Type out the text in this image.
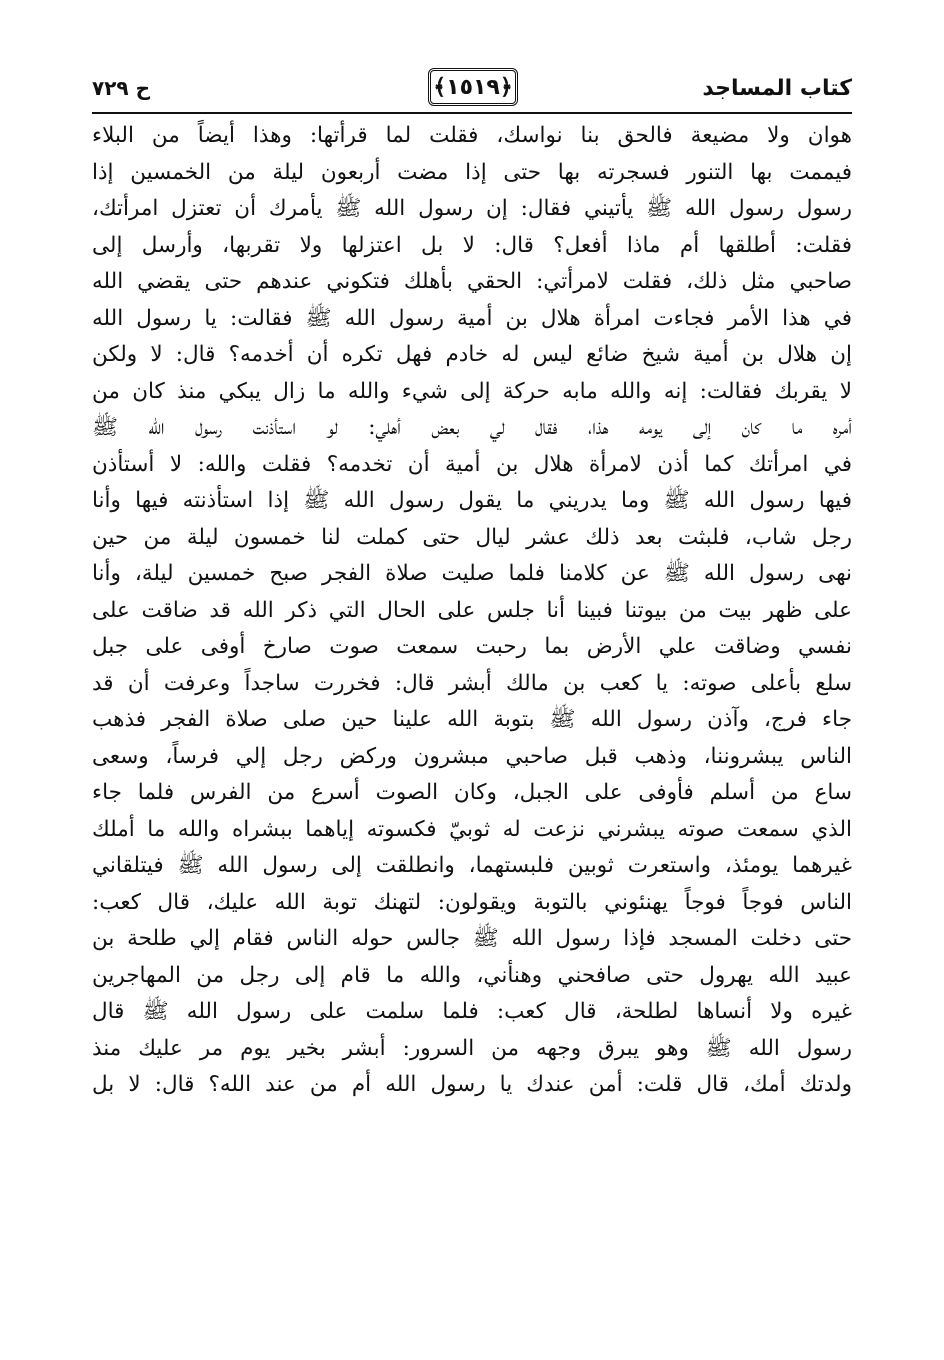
كتاب المساجد
﴿١٥١٩﴾
ح ٧٢٩
هوان ولا مضيعة فالحق بنا نواسك، فقلت لما قرأتها: وهذا أيضاً من البلاء
فيممت بها التنور فسجرته بها حتى إذا مضت أربعون ليلة من الخمسين إذا
رسول رسول الله ﷺ يأتيني فقال: إن رسول الله ﷺ يأمرك أن تعتزل امرأتك،
فقلت: أطلقها أم ماذا أفعل؟ قال: لا بل اعتزلها ولا تقربها، وأرسل إلى
صاحبي مثل ذلك، فقلت لامرأتي: الحقي بأهلك فتكوني عندهم حتى يقضي الله
في هذا الأمر فجاءت امرأة هلال بن أمية رسول الله ﷺ فقالت: يا رسول الله
إن هلال بن أمية شيخ ضائع ليس له خادم فهل تكره أن أخدمه؟ قال: لا ولكن
لا يقربك فقالت: إنه والله مابه حركة إلى شيء والله ما زال يبكي منذ كان من
أمره ما كان إلى يومه هذا، فقال لي بعض أهلي: لو استأذنت رسول الله ﷺ
في امرأتك كما أذن لامرأة هلال بن أمية أن تخدمه؟ فقلت والله: لا أستأذن
فيها رسول الله ﷺ وما يدريني ما يقول رسول الله ﷺ إذا استأذنته فيها وأنا
رجل شاب، فلبثت بعد ذلك عشر ليال حتى كملت لنا خمسون ليلة من حين
نهى رسول الله ﷺ عن كلامنا فلما صليت صلاة الفجر صبح خمسين ليلة، وأنا
على ظهر بيت من بيوتنا فبينا أنا جلس على الحال التي ذكر الله قد ضاقت على
نفسي وضاقت علي الأرض بما رحبت سمعت صوت صارخ أوفى على جبل
سلع بأعلى صوته: يا كعب بن مالك أبشر قال: فخررت ساجداً وعرفت أن قد
جاء فرج، وآذن رسول الله ﷺ بتوبة الله علينا حين صلى صلاة الفجر فذهب
الناس يبشروننا، وذهب قبل صاحبي مبشرون وركض رجل إلي فرساً، وسعى
ساع من أسلم فأوفى على الجبل، وكان الصوت أسرع من الفرس فلما جاء
الذي سمعت صوته يبشرني نزعت له ثوبيّ فكسوته إياهما ببشراه والله ما أملك
غيرهما يومئذ، واستعرت ثوبين فلبستهما، وانطلقت إلى رسول الله ﷺ فيتلقاني
الناس فوجاً فوجاً يهنئوني بالتوبة ويقولون: لتهنك توبة الله عليك، قال كعب:
حتى دخلت المسجد فإذا رسول الله ﷺ جالس حوله الناس فقام إلي طلحة بن
عبيد الله يهرول حتى صافحني وهنأني، والله ما قام إلى رجل من المهاجرين
غيره ولا أنساها لطلحة، قال كعب: فلما سلمت على رسول الله ﷺ قال
رسول الله ﷺ وهو يبرق وجهه من السرور: أبشر بخير يوم مر عليك منذ
ولدتك أمك، قال قلت: أمن عندك يا رسول الله أم من عند الله؟ قال: لا بل
